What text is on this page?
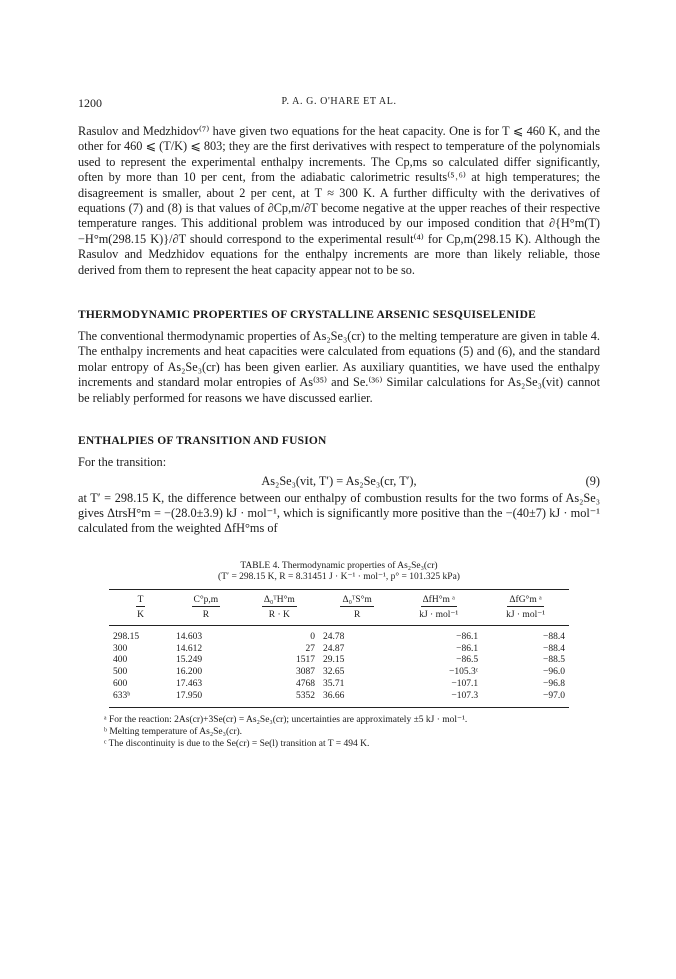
1200	P. A. G. O'HARE ET AL.

Rasulov and Medzhidov⁽⁷⁾ have given two equations for the heat capacity. One is for T ⩽ 460 K, and the other for 460 ⩽ (T/K) ⩽ 803; they are the first derivatives with respect to temperature of the polynomials used to represent the experimental enthalpy increments. The Cp,ms so calculated differ significantly, often by more than 10 per cent, from the adiabatic calorimetric results⁽⁵˒⁶⁾ at high temperatures; the disagreement is smaller, about 2 per cent, at T ≈ 300 K. A further difficulty with the derivatives of equations (7) and (8) is that values of ∂Cp,m/∂T become negative at the upper reaches of their respective temperature ranges. This additional problem was introduced by our imposed condition that ∂{H°m(T)−H°m(298.15 K)}/∂T should correspond to the experimental result⁽⁴⁾ for Cp,m(298.15 K). Although the Rasulov and Medzhidov equations for the enthalpy increments are more than likely reliable, those derived from them to represent the heat capacity appear not to be so.

THERMODYNAMIC PROPERTIES OF CRYSTALLINE ARSENIC SESQUISELENIDE

The conventional thermodynamic properties of As₂Se₃(cr) to the melting temperature are given in table 4. The enthalpy increments and heat capacities were calculated from equations (5) and (6), and the standard molar entropy of As₂Se₃(cr) has been given earlier. As auxiliary quantities, we have used the enthalpy increments and standard molar entropies of As⁽³⁵⁾ and Se.⁽³⁶⁾ Similar calculations for As₂Se₃(vit) cannot be reliably performed for reasons we have discussed earlier.

ENTHALPIES OF TRANSITION AND FUSION

For the transition:

As₂Se₃(vit, T′) = As₂Se₃(cr, T′),	(9)

at T′ = 298.15 K, the difference between our enthalpy of combustion results for the two forms of As₂Se₃ gives ΔtrsH°m = −(28.0±3.9) kJ · mol⁻¹, which is significantly more positive than the −(40±7) kJ · mol⁻¹ calculated from the weighted ΔfH°ms of

TABLE 4. Thermodynamic properties of As₂Se₃(cr)
(T′ = 298.15 K, R = 8.31451 J · K⁻¹ · mol⁻¹, p° = 101.325 kPa)
T	C°p,m	Δ₀ᵀH°m	Δ₀ᵀS°m	ΔfH°m ᵃ	ΔfG°m ᵃ
K	R	R · K	R	kJ · mol⁻¹	kJ · mol⁻¹
298.15	14.603	0	24.78	−86.1	−88.4
300	14.612	27	24.87	−86.1	−88.4
400	15.249	1517	29.15	−86.5	−88.5
500	16.200	3087	32.65	−105.3ᶜ	−96.0
600	17.463	4768	35.71	−107.1	−96.8
633ᵇ	17.950	5352	36.66	−107.3	−97.0

ᵃ For the reaction: 2As(cr)+3Se(cr) = As₂Se₃(cr); uncertainties are approximately ±5 kJ · mol⁻¹.

ᵇ Melting temperature of As₂Se₃(cr).

ᶜ The discontinuity is due to the Se(cr) = Se(l) transition at T = 494 K.
